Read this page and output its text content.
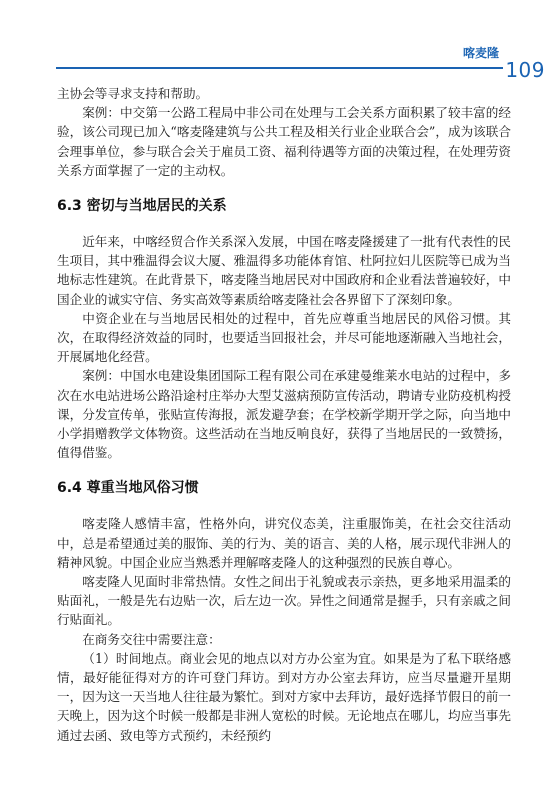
喀麦隆
109

主协会等寻求支持和帮助。

案例：中交第一公路工程局中非公司在处理与工会关系方面积累了较丰富的经验，该公司现已加入“喀麦隆建筑与公共工程及相关行业企业联合会”，成为该联合会理事单位，参与联合会关于雇员工资、福利待遇等方面的决策过程，在处理劳资关系方面掌握了一定的主动权。

6.3 密切与当地居民的关系

近年来，中喀经贸合作关系深入发展，中国在喀麦隆援建了一批有代表性的民生项目，其中雅温得会议大厦、雅温得多功能体育馆、杜阿拉妇儿医院等已成为当地标志性建筑。在此背景下，喀麦隆当地居民对中国政府和企业看法普遍较好，中国企业的诚实守信、务实高效等素质给喀麦隆社会各界留下了深刻印象。

中资企业在与当地居民相处的过程中，首先应尊重当地居民的风俗习惯。其次，在取得经济效益的同时，也要适当回报社会，并尽可能地逐渐融入当地社会，开展属地化经营。

案例：中国水电建设集团国际工程有限公司在承建曼维莱水电站的过程中，多次在水电站进场公路沿途村庄举办大型艾滋病预防宣传活动，聘请专业防疫机构授课，分发宣传单，张贴宣传海报，派发避孕套；在学校新学期开学之际，向当地中小学捐赠教学文体物资。这些活动在当地反响良好，获得了当地居民的一致赞扬，值得借鉴。

6.4 尊重当地风俗习惯

喀麦隆人感情丰富，性格外向，讲究仪态美，注重服饰美，在社会交往活动中，总是希望通过美的服饰、美的行为、美的语言、美的人格，展示现代非洲人的精神风貌。中国企业应当熟悉并理解喀麦隆人的这种强烈的民族自尊心。

喀麦隆人见面时非常热情。女性之间出于礼貌或表示亲热，更多地采用温柔的贴面礼，一般是先右边贴一次，后左边一次。异性之间通常是握手，只有亲戚之间行贴面礼。

在商务交往中需要注意：

（1）时间地点。商业会见的地点以对方办公室为宜。如果是为了私下联络感情，最好能征得对方的许可登门拜访。到对方办公室去拜访，应当尽量避开星期一，因为这一天当地人往往最为繁忙。到对方家中去拜访，最好选择节假日的前一天晚上，因为这个时候一般都是非洲人宽松的时候。无论地点在哪儿，均应当事先通过去函、致电等方式预约，未经预约
